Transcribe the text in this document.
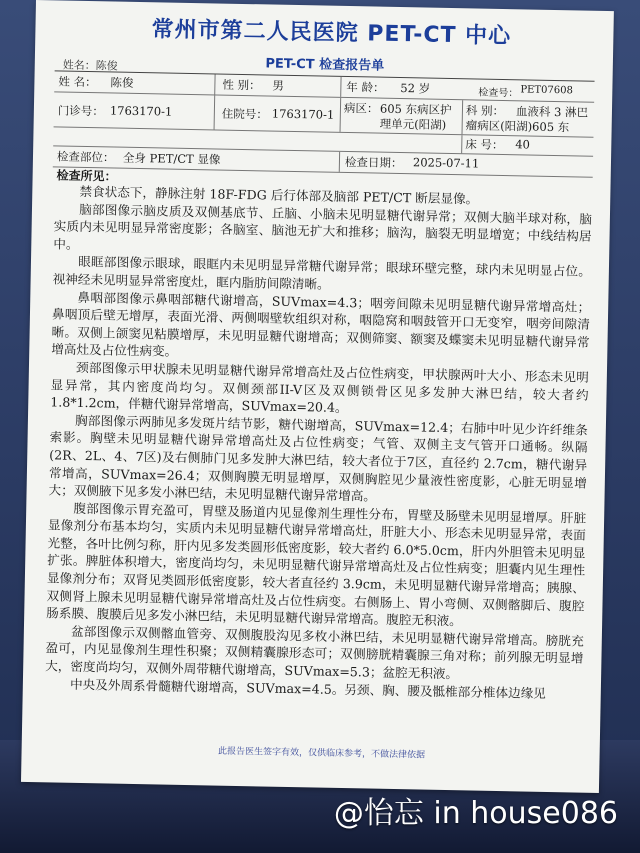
常州市第二人民医院 PET-CT 中心
PET-CT 检查报告单
姓名：陈俊
姓 名： 陈俊	性 别： 男	年 龄： 52 岁	检查号： PET07608
门诊号： 1763170-1	住院号： 1763170-1 病区： 605 东病区护
理单元(阳湖)
科 别： 血液科 3 淋巴
瘤病区(阳湖)605 东
床 号： 40
检查部位： 全身 PET/CT 显像	检查日期： 2025-07-11
检查所见：

禁食状态下，静脉注射 18F-FDG 后行体部及脑部 PET/CT 断层显像。

脑部图像示脑皮质及双侧基底节、丘脑、小脑未见明显糖代谢异常；双侧大脑半球对称，脑实质内未见明显异常密度影；各脑室、脑池无扩大和推移；脑沟，脑裂无明显增宽；中线结构居中。

眼眶部图像示眼球，眼眶内未见明显异常糖代谢异常；眼球环壁完整，球内未见明显占位。视神经未见明显异常密度灶，眶内脂肪间隙清晰。

鼻咽部图像示鼻咽部糖代谢增高，SUVmax=4.3；咽旁间隙未见明显糖代谢异常增高灶；鼻咽顶后壁无增厚，表面光滑、两侧咽壁软组织对称，咽隐窝和咽鼓管开口无变窄，咽旁间隙清晰。双侧上颌窦见粘膜增厚，未见明显糖代谢增高；双侧筛窦、额窦及蝶窦未见明显糖代谢异常增高灶及占位性病变。

颈部图像示甲状腺未见明显糖代谢异常增高灶及占位性病变，甲状腺两叶大小、形态未见明显异常，其内密度尚均匀。双侧颈部II-V区及双侧锁骨区见多发肿大淋巴结，较大者约 1.8*1.2cm，伴糖代谢异常增高，SUVmax=20.4。

胸部图像示两肺见多发斑片结节影，糖代谢增高，SUVmax=12.4；右肺中叶见少许纤维条索影。胸壁未见明显糖代谢异常增高灶及占位性病变；气管、双侧主支气管开口通畅。纵隔(2R、2L、4、7区)及右侧肺门见多发肿大淋巴结，较大者位于7区，直径约 2.7cm，糖代谢异常增高，SUVmax=26.4；双侧胸膜无明显增厚，双侧胸腔见少量液性密度影，心脏无明显增大；双侧腋下见多发小淋巴结，未见明显糖代谢异常增高。

腹部图像示胃充盈可，胃壁及肠道内见显像剂生理性分布，胃壁及肠壁未见明显增厚。肝脏显像剂分布基本均匀，实质内未见明显糖代谢异常增高灶，肝脏大小、形态未见明显异常，表面光整，各叶比例匀称，肝内见多发类圆形低密度影，较大者约 6.0*5.0cm，肝内外胆管未见明显扩张。脾脏体积增大，密度尚均匀，未见明显糖代谢异常增高灶及占位性病变；胆囊内见生理性显像剂分布；双肾见类圆形低密度影，较大者直径约 3.9cm，未见明显糖代谢异常增高；胰腺、双侧肾上腺未见明显糖代谢异常增高灶及占位性病变。右侧肠上、胃小弯侧、双侧髂脚后、腹腔肠系膜、腹膜后见多发小淋巴结，未见明显糖代谢异常增高。腹腔无积液。

盆部图像示双侧髂血管旁、双侧腹股沟见多枚小淋巴结，未见明显糖代谢异常增高。膀胱充盈可，内见显像剂生理性积聚；双侧精囊腺形态可；双侧膀胱精囊腺三角对称；前列腺无明显增大，密度尚均匀，双侧外周带糖代谢增高，SUVmax=5.3；盆腔无积液。

中央及外周系骨髓糖代谢增高，SUVmax=4.5。另颈、胸、腰及骶椎部分椎体边缘见

此报告医生签字有效，仅供临床参考，不做法律依据
@怡忘 in house086
